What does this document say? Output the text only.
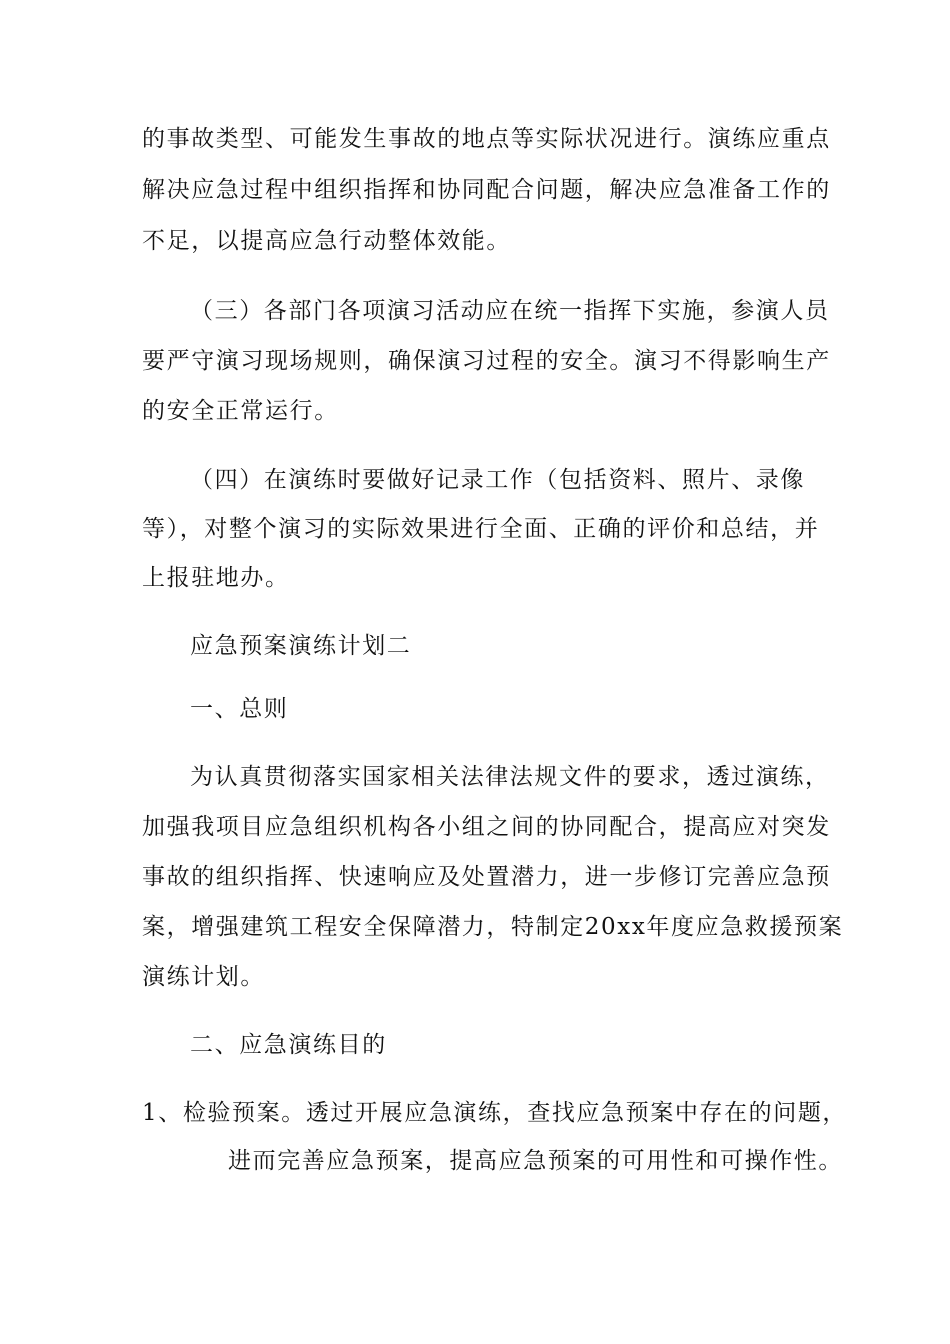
的事故类型、可能发生事故的地点等实际状况进行。演练应重点
解决应急过程中组织指挥和协同配合问题，解决应急准备工作的
不足，以提高应急行动整体效能。
（三）各部门各项演习活动应在统一指挥下实施，参演人员
要严守演习现场规则，确保演习过程的安全。演习不得影响生产
的安全正常运行。
（四）在演练时要做好记录工作（包括资料、照片、录像
等），对整个演习的实际效果进行全面、正确的评价和总结，并
上报驻地办。
应急预案演练计划二
一、总则
为认真贯彻落实国家相关法律法规文件的要求，透过演练，
加强我项目应急组织机构各小组之间的协同配合，提高应对突发
事故的组织指挥、快速响应及处置潜力，进一步修订完善应急预
案，增强建筑工程安全保障潜力，特制定20xx年度应急救援预案
演练计划。
二、应急演练目的
1、检验预案。透过开展应急演练，查找应急预案中存在的问题，
进而完善应急预案，提高应急预案的可用性和可操作性。
